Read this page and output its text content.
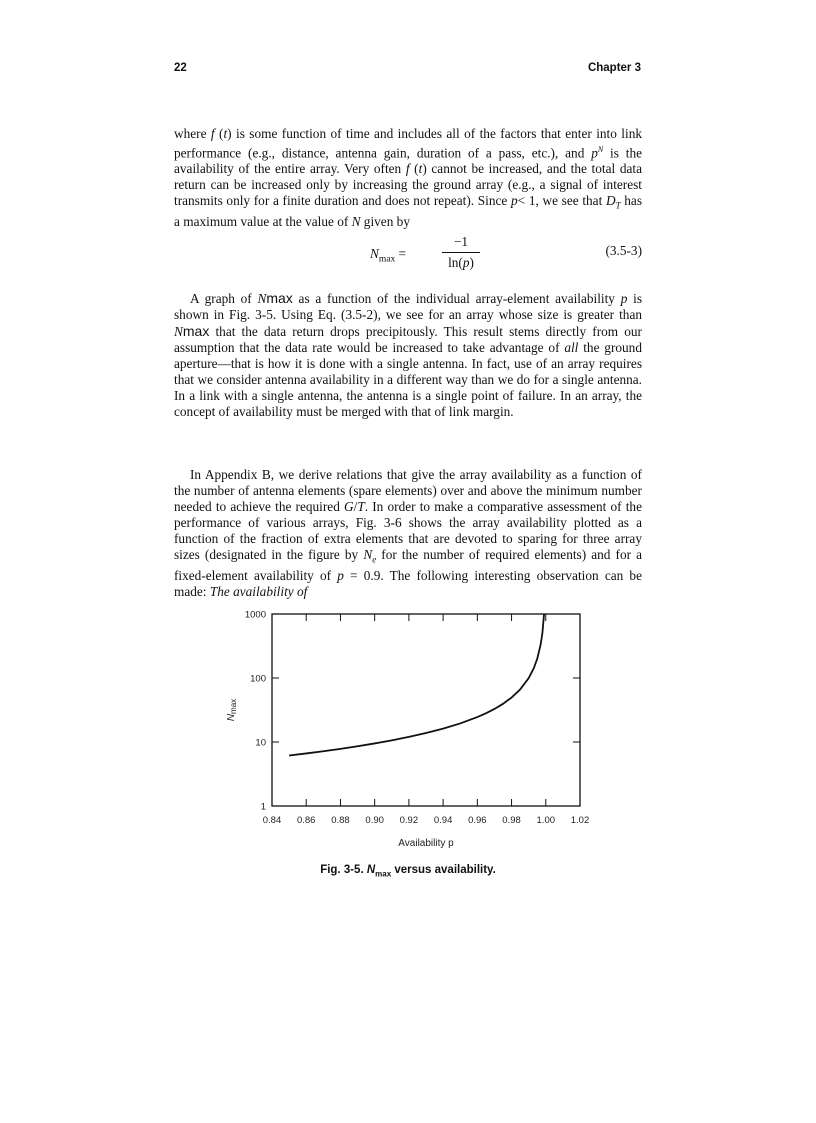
22	Chapter 3

where f (t) is some function of time and includes all of the factors that enter into link performance (e.g., distance, antenna gain, duration of a pass, etc.), and $p^N$ is the availability of the entire array. Very often f (t) cannot be increased, and the total data return can be increased only by increasing the ground array (e.g., a signal of interest transmits only for a finite duration and does not repeat). Since p< 1, we see that $D_T$ has a maximum value at the value of N given by

$N_{max}$ =
−1
ln(p)
(3.5-3)

A graph of Nmax as a function of the individual array-element availability p is shown in Fig. 3-5. Using Eq. (3.5-2), we see for an array whose size is greater than Nmax that the data return drops precipitously. This result stems directly from our assumption that the data rate would be increased to take advantage of all the ground aperture—that is how it is done with a single antenna. In fact, use of an array requires that we consider antenna availability in a different way than we do for a single antenna. In a link with a single antenna, the antenna is a single point of failure. In an array, the concept of availability must be merged with that of link margin.

In Appendix B, we derive relations that give the array availability as a function of the number of antenna elements (spare elements) over and above the minimum number needed to achieve the required G/T. In order to make a comparative assessment of the performance of various arrays, Fig. 3-6 shows the array availability plotted as a function of the fraction of extra elements that are devoted to sparing for three array sizes (designated in the figure by $N_e$ for the number of required elements) and for a fixed-element availability of p = 0.9. The following interesting observation can be made: The availability of

1
10
100
1000
0.84 0.86 0.88 0.90 0.92 0.94 0.96 0.98 1.00 1.02
Availability p
$N_{max}$
Fig. 3-5. $N_{max}$ versus availability.
